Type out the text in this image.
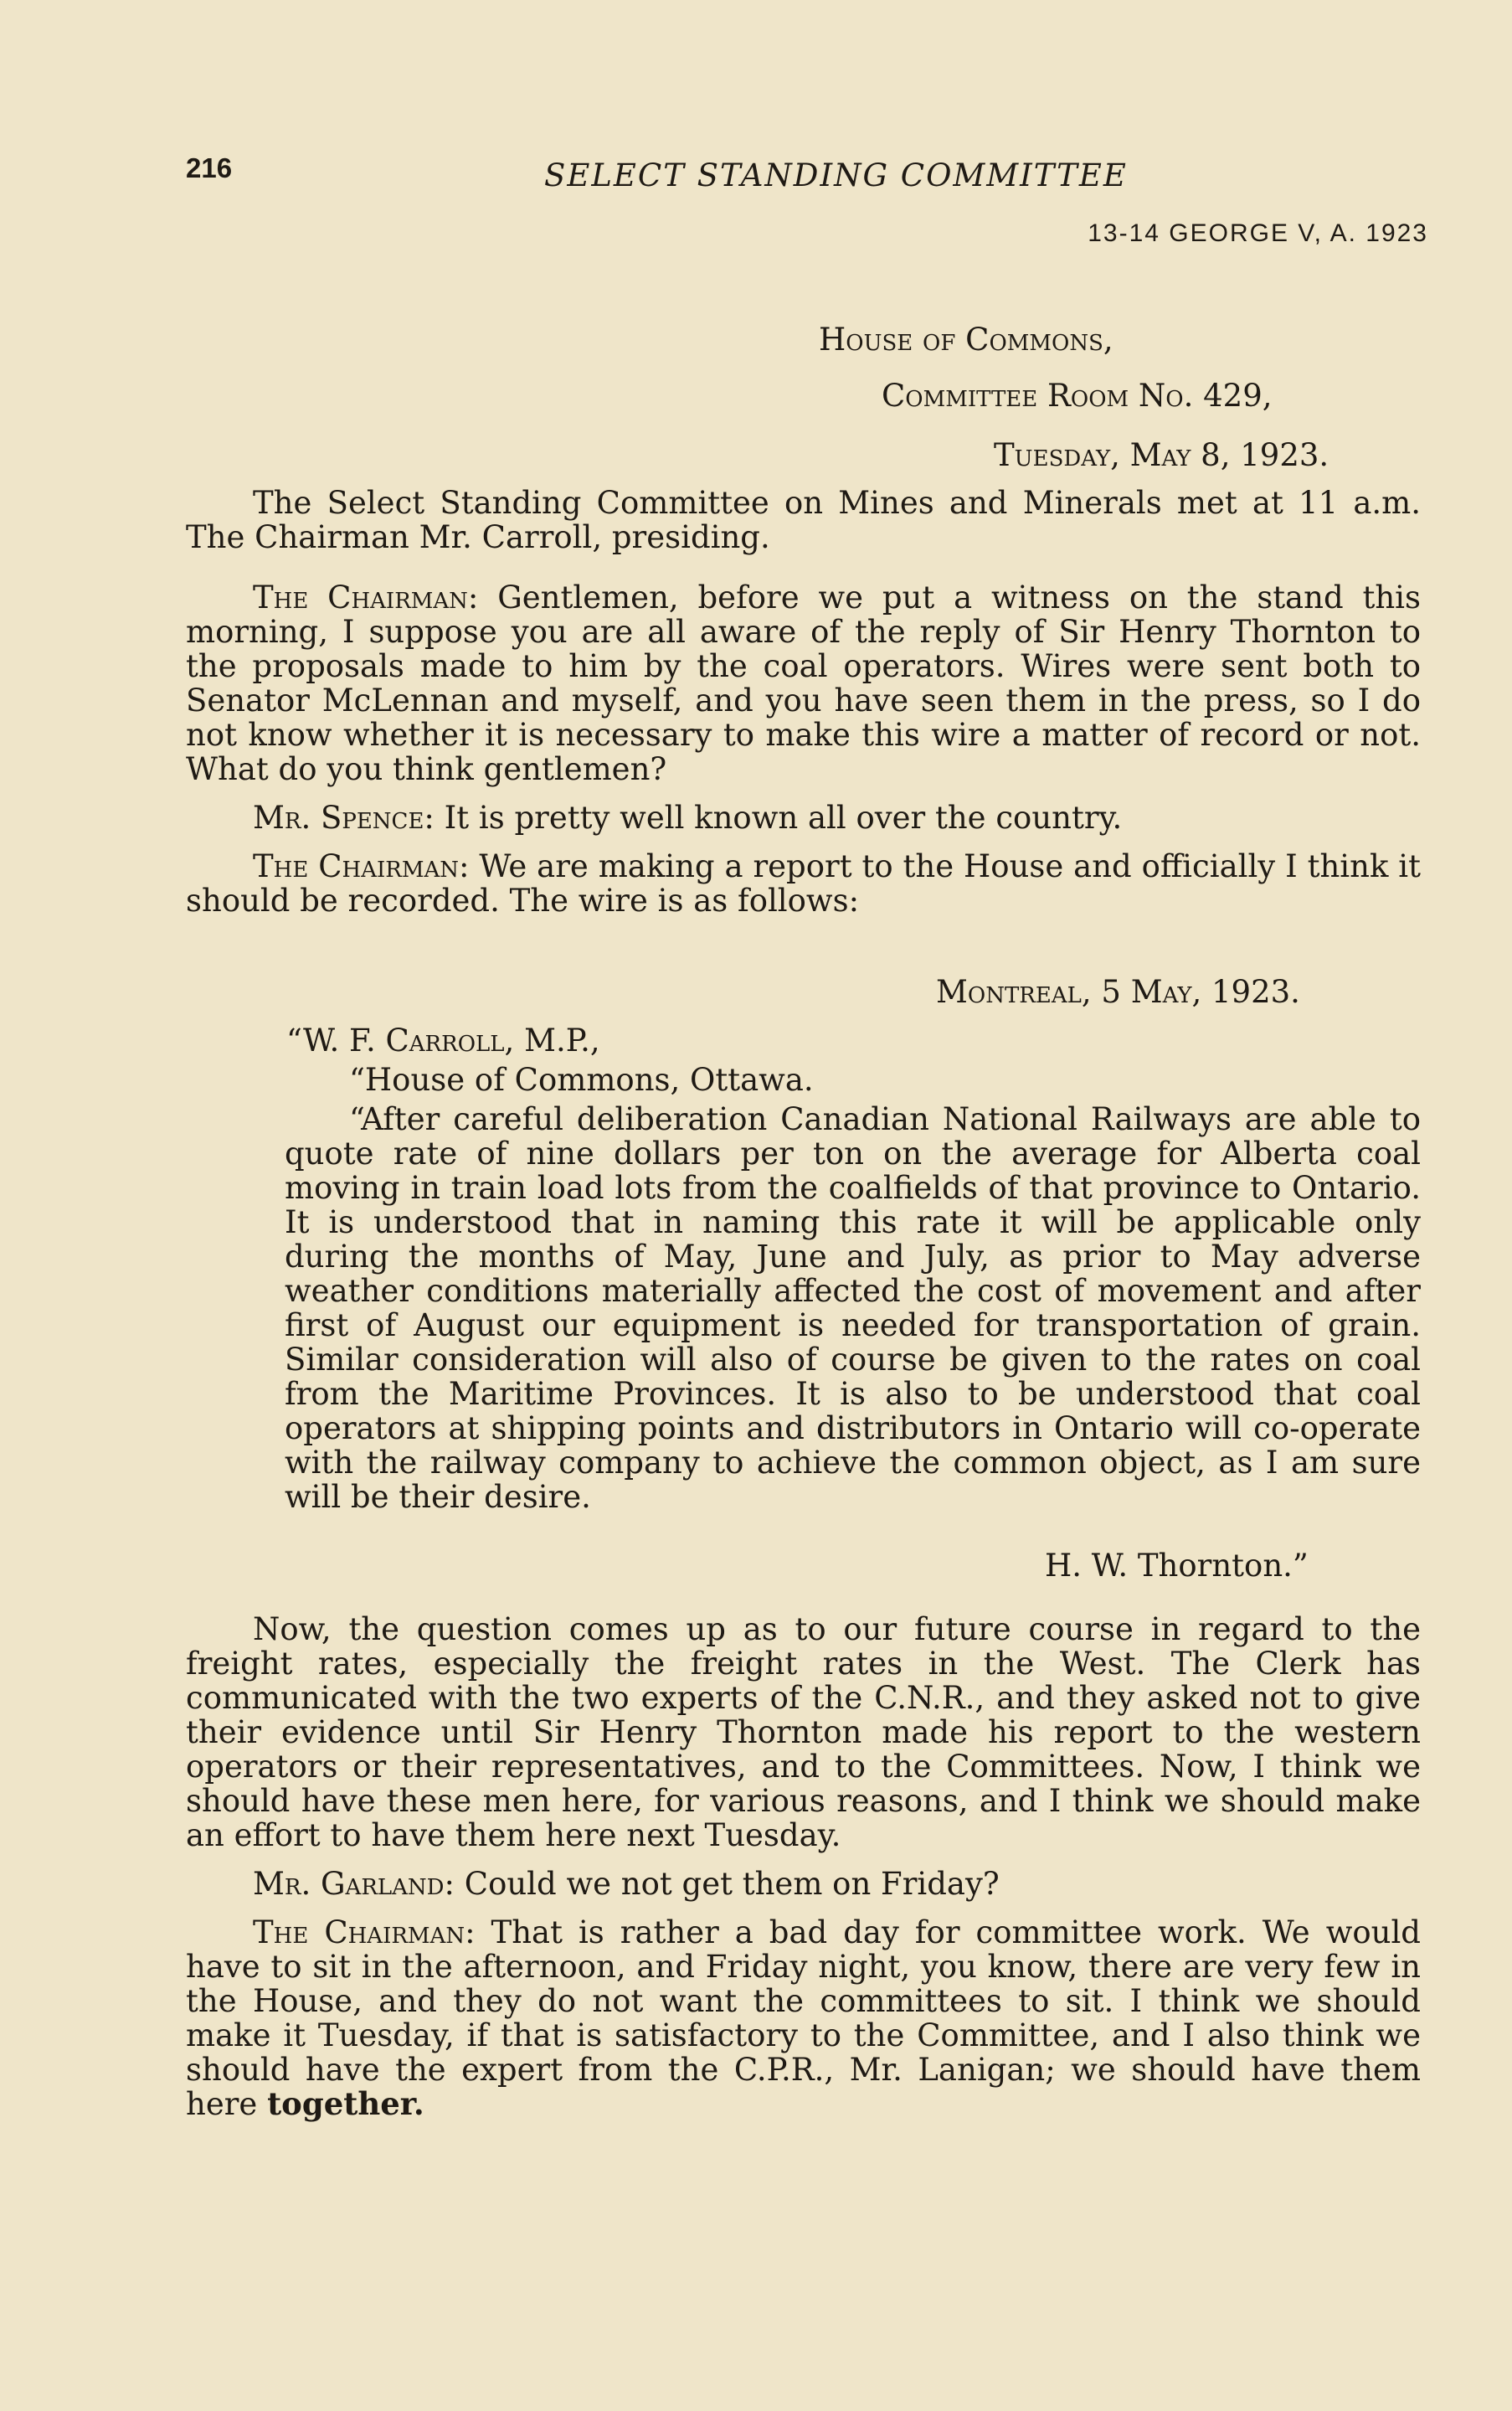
216	SELECT STANDING COMMITTEE
13-14 GEORGE V, A. 1923
House of Commons,
Committee Room No. 429,
Tuesday, May 8, 1923.

The Select Standing Committee on Mines and Minerals met at 11 a.m. The Chairman Mr. Carroll, presiding.

The Chairman: Gentlemen, before we put a witness on the stand this morning, I suppose you are all aware of the reply of Sir Henry Thornton to the proposals made to him by the coal operators. Wires were sent both to Senator McLennan and myself, and you have seen them in the press, so I do not know whether it is necessary to make this wire a matter of record or not. What do you think gentlemen?

Mr. Spence: It is pretty well known all over the country.

The Chairman: We are making a report to the House and officially I think it should be recorded. The wire is as follows:

Montreal, 5 May, 1923.

“W. F. Carroll, M.P.,

“House of Commons, Ottawa.

“After careful deliberation Canadian National Railways are able to quote rate of nine dollars per ton on the average for Alberta coal moving in train load lots from the coalfields of that province to Ontario. It is understood that in naming this rate it will be applicable only during the months of May, June and July, as prior to May adverse weather conditions materially affected the cost of movement and after first of August our equipment is needed for transportation of grain. Similar consideration will also of course be given to the rates on coal from the Maritime Provinces. It is also to be understood that coal operators at shipping points and distributors in Ontario will co-operate with the railway company to achieve the common object, as I am sure will be their desire.

H. W. Thornton.”

Now, the question comes up as to our future course in regard to the freight rates, especially the freight rates in the West. The Clerk has communicated with the two experts of the C.N.R., and they asked not to give their evidence until Sir Henry Thornton made his report to the western operators or their representatives, and to the Committees. Now, I think we should have these men here, for various reasons, and I think we should make an effort to have them here next Tuesday.

Mr. Garland: Could we not get them on Friday?

The Chairman: That is rather a bad day for committee work. We would have to sit in the afternoon, and Friday night, you know, there are very few in the House, and they do not want the committees to sit. I think we should make it Tuesday, if that is satisfactory to the Committee, and I also think we should have the expert from the C.P.R., Mr. Lanigan; we should have them here together.
